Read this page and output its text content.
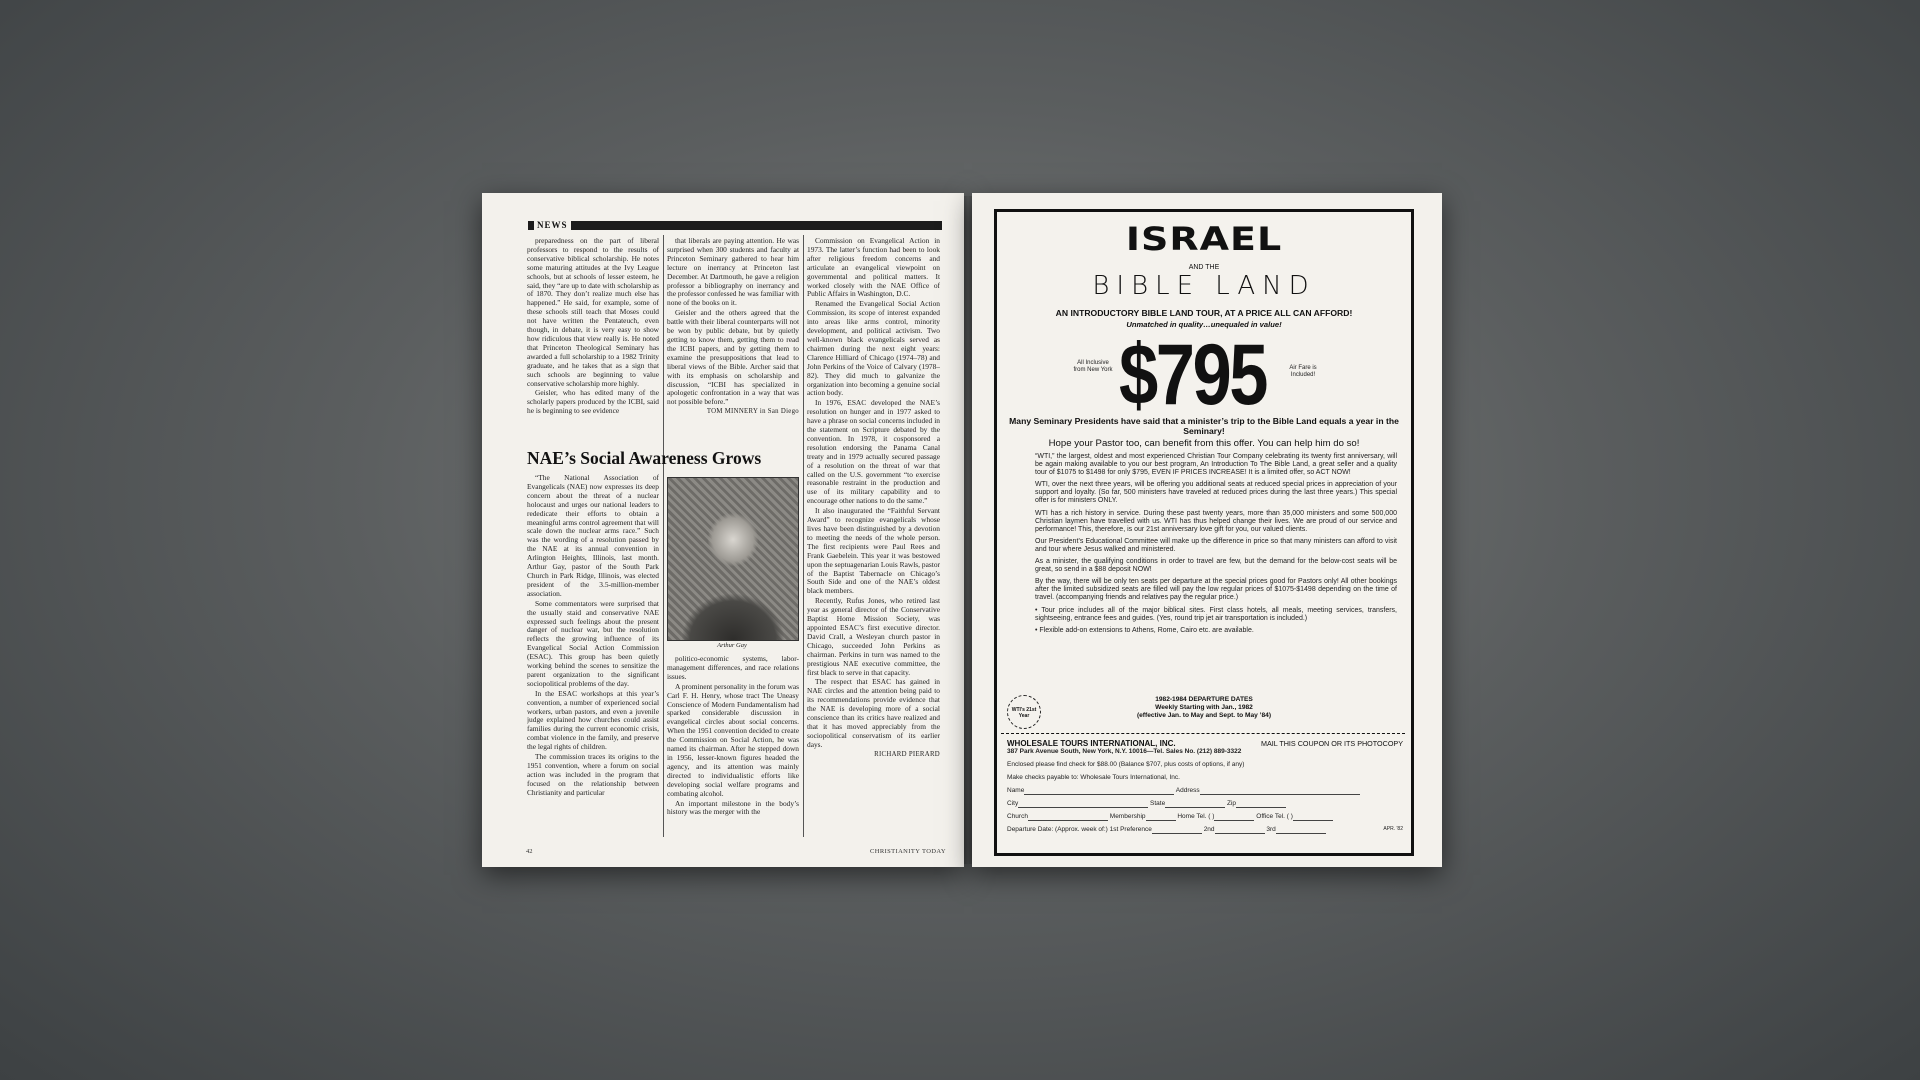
NEWS

preparedness on the part of liberal professors to respond to the results of conservative biblical scholarship. He notes some maturing attitudes at the Ivy League schools, but at schools of lesser esteem, he said, they “are up to date with scholarship as of 1870. They don’t realize much else has happened.” He said, for example, some of these schools still teach that Moses could not have written the Pentateuch, even though, in debate, it is very easy to show how ridiculous that view really is. He noted that Princeton Theological Seminary has awarded a full scholarship to a 1982 Trinity graduate, and he takes that as a sign that such schools are beginning to value conservative scholarship more highly.

Geisler, who has edited many of the scholarly papers produced by the ICBI, said he is beginning to see evidence

that liberals are paying attention. He was surprised when 300 students and faculty at Princeton Seminary gathered to hear him lecture on inerrancy at Princeton last December. At Dartmouth, he gave a religion professor a bibliography on inerrancy and the professor confessed he was familiar with none of the books on it.

Geisler and the others agreed that the battle with their liberal counterparts will not be won by public debate, but by quietly getting to know them, getting them to read the ICBI papers, and by getting them to examine the presuppositions that lead to liberal views of the Bible. Archer said that with its emphasis on scholarship and discussion, “ICBI has specialized in apologetic confrontation in a way that was not possible before.”

TOM MINNERY in San Diego

Commission on Evangelical Action in 1973. The latter’s function had been to look after religious freedom concerns and articulate an evangelical viewpoint on governmental and political matters. It worked closely with the NAE Office of Public Affairs in Washington, D.C.

Renamed the Evangelical Social Action Commission, its scope of interest expanded into areas like arms control, minority development, and political activism. Two well-known black evangelicals served as chairmen during the next eight years: Clarence Hilliard of Chicago (1974–78) and John Perkins of the Voice of Calvary (1978–82). They did much to galvanize the organization into becoming a genuine social action body.

In 1976, ESAC developed the NAE’s resolution on hunger and in 1977 asked to have a phrase on social concerns included in the statement on Scripture debated by the convention. In 1978, it cosponsored a resolution endorsing the Panama Canal treaty and in 1979 actually secured passage of a resolution on the threat of war that called on the U.S. government “to exercise reasonable restraint in the production and use of its military capability and to encourage other nations to do the same.”

It also inaugurated the “Faithful Servant Award” to recognize evangelicals whose lives have been distinguished by a devotion to meeting the needs of the whole person. The first recipients were Paul Rees and Frank Gaebelein. This year it was bestowed upon the septuagenarian Louis Rawls, pastor of the Baptist Tabernacle on Chicago’s South Side and one of the NAE’s oldest black members.

Recently, Rufus Jones, who retired last year as general director of the Conservative Baptist Home Mission Society, was appointed ESAC’s first executive director. David Crall, a Wesleyan church pastor in Chicago, succeeded John Perkins as chairman. Perkins in turn was named to the prestigious NAE executive committee, the first black to serve in that capacity.

The respect that ESAC has gained in NAE circles and the attention being paid to its recommendations provide evidence that the NAE is developing more of a social conscience than its critics have realized and that it has moved appreciably from the sociopolitical conservatism of its earlier days.

RICHARD PIERARD

NAE’s Social Awareness Grows

“The National Association of Evangelicals (NAE) now expresses its deep concern about the threat of a nuclear holocaust and urges our national leaders to rededicate their efforts to obtain a meaningful arms control agreement that will scale down the nuclear arms race.” Such was the wording of a resolution passed by the NAE at its annual convention in Arlington Heights, Illinois, last month. Arthur Gay, pastor of the South Park Church in Park Ridge, Illinois, was elected president of the 3.5-million-member association.

Some commentators were surprised that the usually staid and conservative NAE expressed such feelings about the present danger of nuclear war, but the resolution reflects the growing influence of its Evangelical Social Action Commission (ESAC). This group has been quietly working behind the scenes to sensitize the parent organization to the significant sociopolitical problems of the day.

In the ESAC workshops at this year’s convention, a number of experienced social workers, urban pastors, and even a juvenile judge explained how churches could assist families during the current economic crisis, combat violence in the family, and preserve the legal rights of children.

The commission traces its origins to the 1951 convention, where a forum on social action was included in the program that focused on the relationship between Christianity and particular

Arthur Gay

politico-economic systems, labor-management differences, and race relations issues.

A prominent personality in the forum was Carl F. H. Henry, whose tract The Uneasy Conscience of Modern Fundamentalism had sparked considerable discussion in evangelical circles about social concerns. When the 1951 convention decided to create the Commission on Social Action, he was named its chairman. After he stepped down in 1956, lesser-known figures headed the agency, and its attention was mainly directed to individualistic efforts like developing social welfare programs and combating alcohol.

An important milestone in the body’s history was the merger with the

42	CHRISTIANITY TODAY
ISRAEL
AND THE
BIBLE LAND
AN INTRODUCTORY BIBLE LAND TOUR, AT A PRICE ALL CAN AFFORD!
Unmatched in quality…unequaled in value!
All Inclusive from New York $795	Air Fare is Included!
Many Seminary Presidents have said that a minister’s trip to the Bible Land equals a year in the Seminary!
Hope your Pastor too, can benefit from this offer. You can help him do so!

“WTI,” the largest, oldest and most experienced Christian Tour Company celebrating its twenty first anniversary, will be again making available to you our best program, An Introduction To The Bible Land, a great seller and a quality tour of $1075 to $1498 for only $795, EVEN IF PRICES INCREASE! It is a limited offer, so ACT NOW!

WTI, over the next three years, will be offering you additional seats at reduced special prices in appreciation of your support and loyalty. (So far, 500 ministers have traveled at reduced prices during the last three years.) This special offer is for ministers ONLY.

WTI has a rich history in service. During these past twenty years, more than 35,000 ministers and some 500,000 Christian laymen have travelled with us. WTI has thus helped change their lives. We are proud of our service and performance! This, therefore, is our 21st anniversary love gift for you, our valued clients.

Our President’s Educational Committee will make up the difference in price so that many ministers can afford to visit and tour where Jesus walked and ministered.

As a minister, the qualifying conditions in order to travel are few, but the demand for the below-cost seats will be great, so send in a $88 deposit NOW!

By the way, there will be only ten seats per departure at the special prices good for Pastors only! All other bookings after the limited subsidized seats are filled will pay the low regular prices of $1075-$1498 depending on the time of travel. (accompanying friends and relatives pay the regular price.)

• Tour price includes all of the major biblical sites. First class hotels, all meals, meeting services, transfers, sightseeing, entrance fees and guides. (Yes, round trip jet air transportation is included.)

• Flexible add-on extensions to Athens, Rome, Cairo etc. are available.

WTI’s 21st Year
1982-1984 DEPARTURE DATES
Weekly Starting with Jan., 1982
(effective Jan. to May and Sept. to May ’84)
WHOLESALE TOURS INTERNATIONAL, INC.	MAIL THIS COUPON OR ITS PHOTOCOPY
387 Park Avenue South, New York, N.Y. 10016—Tel. Sales No. (212) 889-3322
Enclosed please find check for $88.00 (Balance $707, plus costs of options, if any)
Make checks payable to: Wholesale Tours International, Inc.
Name	Address
City	State	Zip
Church	Membership	Home Tel. ( )	Office Tel. ( )
Departure Date: (Approx. week of:) 1st Preference	2nd	3rd	APR. '82
